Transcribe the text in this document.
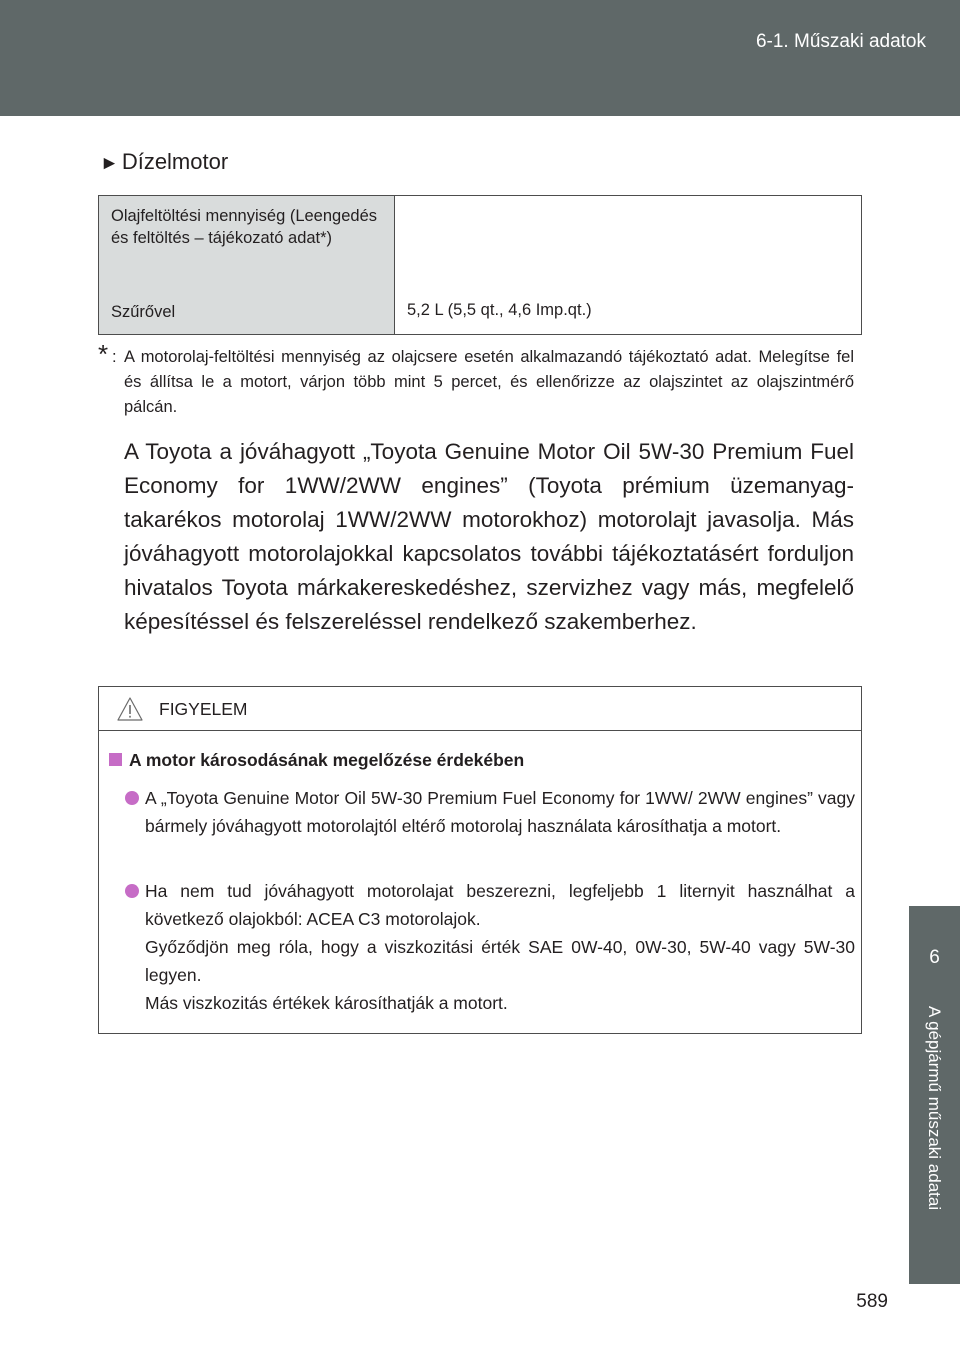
6-1. Műszaki adatok
6
A gépjármű műszaki adatai
► Dízelmotor
Olajfeltöltési mennyiség (Leengedés és feltöltés – tájékozató adat*)
Szűrővel	5,2 L (5,5 qt., 4,6 Imp.qt.)
* : A motorolaj-feltöltési mennyiség az olajcsere esetén alkalmazandó tájékoztató adat. Melegítse fel és állítsa le a motort, várjon több mint 5 percet, és ellenőrizze az olajszintet az olajszintmérő pálcán.
A Toyota a jóváhagyott „Toyota Genuine Motor Oil 5W-30 Premium Fuel Economy for 1WW/2WW engines” (Toyota prémium üzemanyag-takarékos motorolaj 1WW/2WW motorokhoz) motorolajt javasolja. Más jóváhagyott motorolajokkal kapcsolatos további tájékoztatásért forduljon hivatalos Toyota márkakereskedéshez, szervizhez vagy más, megfelelő képesítéssel és felszereléssel rendelkező szakemberhez.
FIGYELEM
A motor károsodásának megelőzése érdekében
A „Toyota Genuine Motor Oil 5W-30 Premium Fuel Economy for 1WW/ 2WW engines” vagy bármely jóváhagyott motorolajtól eltérő motorolaj használata károsíthatja a motort.
Ha nem tud jóváhagyott motorolajat beszerezni, legfeljebb 1 liternyit használhat a következő olajokból: ACEA C3 motorolajok.
Győződjön meg róla, hogy a viszkozitási érték SAE 0W-40, 0W-30, 5W-40 vagy 5W-30 legyen.
Más viszkozitás értékek károsíthatják a motort.
589
